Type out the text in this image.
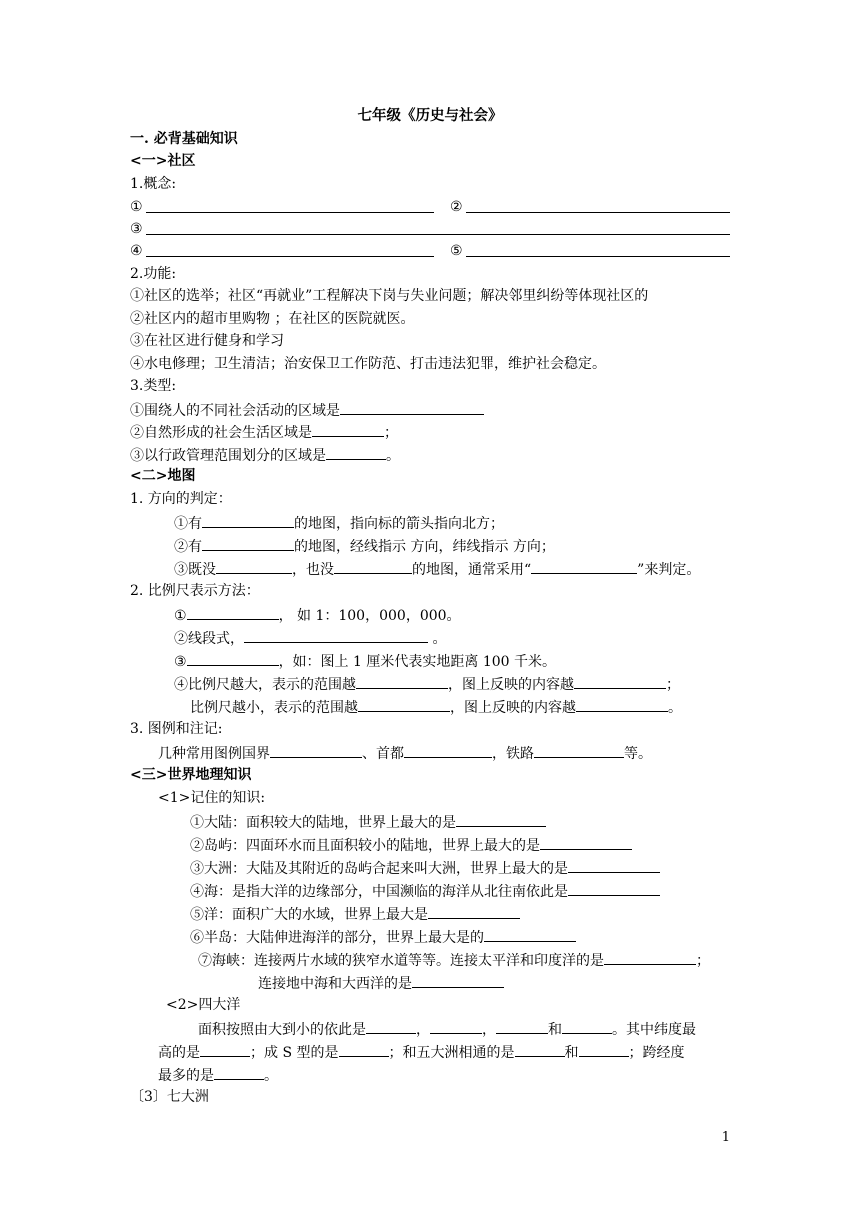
七年级《历史与社会》
一. 必背基础知识
<一>社区
1.概念:
①	②
③
④	⑤
2.功能:
①社区的选举；社区“再就业”工程解决下岗与失业问题；解决邻里纠纷等体现社区的
②社区内的超市里购物 ；在社区的医院就医。
③在社区进行健身和学习
④水电修理；卫生清洁；治安保卫工作防范、打击违法犯罪，维护社会稳定。
3.类型:
①围绕人的不同社会活动的区域是
②自然形成的社会生活区域是	；
③以行政管理范围划分的区域是	。
<二>地图
1. 方向的判定：
①有	的地图，指向标的箭头指向北方；
②有	的地图，经线指示 方向，纬线指示 方向；
③既没	，也没	的地图，通常采用“	”来判定。
2. 比例尺表示方法：
①	， 如 1：100，000，000。
②线段式，	。
③	，如：图上 1 厘米代表实地距离 100 千米。
④比例尺越大，表示的范围越	，图上反映的内容越	；
比例尺越小，表示的范围越	，图上反映的内容越	。
3. 图例和注记:
几种常用图例国界	、首都	，铁路	等。
<三>世界地理知识
<1>记住的知识:
①大陆：面积较大的陆地，世界上最大的是
②岛屿：四面环水而且面积较小的陆地，世界上最大的是
③大洲：大陆及其附近的岛屿合起来叫大洲，世界上最大的是
④海：是指大洋的边缘部分，中国濒临的海洋从北往南依此是
⑤洋：面积广大的水域，世界上最大是
⑥半岛：大陆伸进海洋的部分，世界上最大是的
⑦海峡：连接两片水域的狭窄水道等等。连接太平洋和印度洋的是	；
连接地中海和大西洋的是
<2>四大洋
面积按照由大到小的依此是	，	，	和	。其中纬度最
高的是	；成 S 型的是	；和五大洲相通的是	和	；跨经度
最多的是	。
〔3〕七大洲
1
